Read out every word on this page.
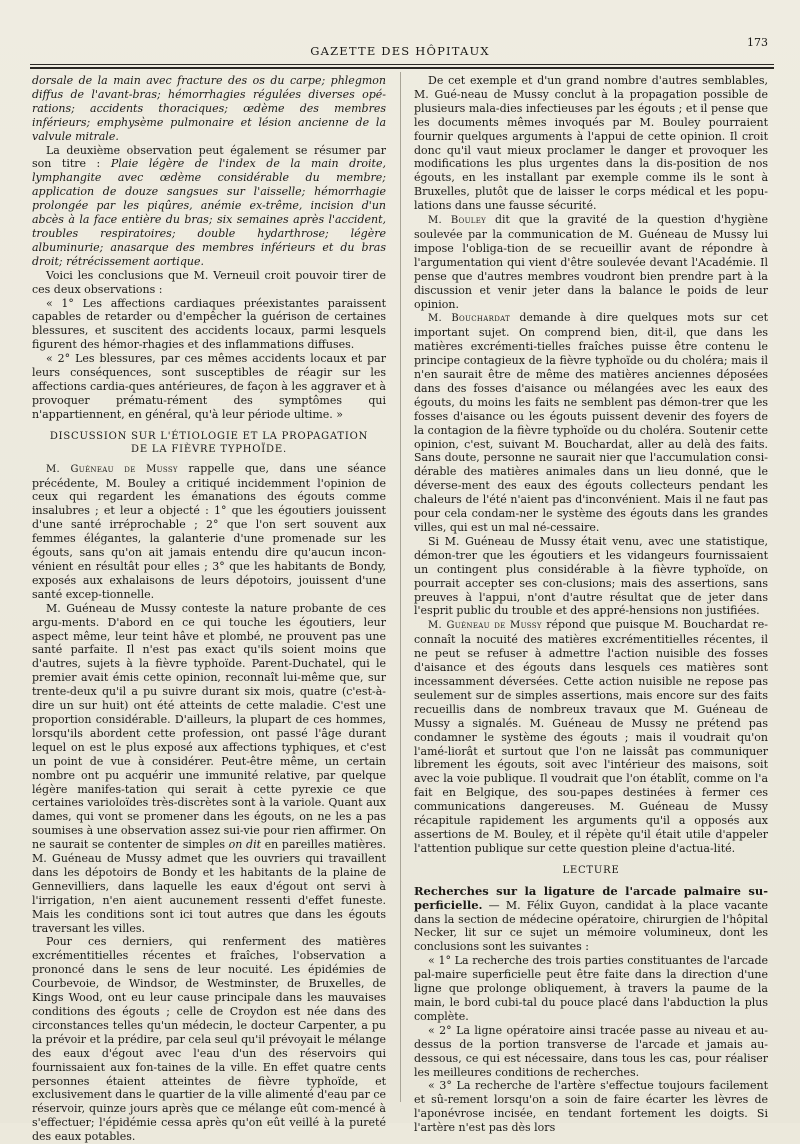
GAZETTE DES HÔPITAUX
173

dorsale de la main avec fracture des os du carpe; phlegmon diffus de l'avant-bras; hémorrhagies régulées diverses opé-rations; accidents thoraciques; œdème des membres inférieurs; emphysème pulmonaire et lésion ancienne de la valvule mitrale.

La deuxième observation peut également se résumer par son titre : Plaie légère de l'index de la main droite, lymphangite avec œdème considérable du membre; application de douze sangsues sur l'aisselle; hémorrhagie prolongée par les piqûres, anémie ex-trême, incision d'un abcès à la face entière du bras; six semaines après l'accident, troubles respiratoires; double hydarthrose; légère albuminurie; anasarque des membres inférieurs et du bras droit; rétrécissement aortique.

Voici les conclusions que M. Verneuil croit pouvoir tirer de ces deux observations :

« 1° Les affections cardiaques préexistantes paraissent capables de retarder ou d'empêcher la guérison de certaines blessures, et suscitent des accidents locaux, parmi lesquels figurent des hémor-rhagies et des inflammations diffuses.

« 2° Les blessures, par ces mêmes accidents locaux et par leurs conséquences, sont susceptibles de réagir sur les affections cardia-ques antérieures, de façon à les aggraver et à provoquer prématu-rément des symptômes qui n'appartiennent, en général, qu'à leur période ultime. »

DISCUSSION SUR L'ÉTIOLOGIE ET LA PROPAGATION
DE LA FIÈVRE TYPHOÏDE.

M. Guéneau de Mussy rappelle que, dans une séance précédente, M. Bouley a critiqué incidemment l'opinion de ceux qui regardent les émanations des égouts comme insalubres ; et leur a objecté : 1° que les égoutiers jouissent d'une santé irréprochable ; 2° que l'on sert souvent aux femmes élégantes, la galanterie d'une promenade sur les égouts, sans qu'on ait jamais entendu dire qu'aucun incon-vénient en résultât pour elles ; 3° que les habitants de Bondy, exposés aux exhalaisons de leurs dépotoirs, jouissent d'une santé excep-tionnelle.

M. Guéneau de Mussy conteste la nature probante de ces argu-ments. D'abord en ce qui touche les égoutiers, leur aspect même, leur teint hâve et plombé, ne prouvent pas une santé parfaite. Il n'est pas exact qu'ils soient moins que d'autres, sujets à la fièvre typhoïde. Parent-Duchatel, qui le premier avait émis cette opinion, reconnaît lui-même que, sur trente-deux qu'il a pu suivre durant six mois, quatre (c'est-à-dire un sur huit) ont été atteints de cette maladie. C'est une proportion considérable. D'ailleurs, la plupart de ces hommes, lorsqu'ils abordent cette profession, ont passé l'âge durant lequel on est le plus exposé aux affections typhiques, et c'est un point de vue à considérer. Peut-être même, un certain nombre ont pu acquérir une immunité relative, par quelque légère manifes-tation qui serait à cette pyrexie ce que certaines varioloïdes très-discrètes sont à la variole. Quant aux dames, qui vont se promener dans les égouts, on ne les a pas soumises à une observation assez sui-vie pour rien affirmer. On ne saurait se contenter de simples on dit en pareilles matières. M. Guéneau de Mussy admet que les ouvriers qui travaillent dans les dépotoirs de Bondy et les habitants de la plaine de Gennevilliers, dans laquelle les eaux d'égout ont servi à l'irrigation, n'en aient aucunement ressenti d'effet funeste. Mais les conditions sont ici tout autres que dans les égouts traversant les villes.

Pour ces derniers, qui renferment des matières excrémentitielles récentes et fraîches, l'observation a prononcé dans le sens de leur nocuité. Les épidémies de Courbevoie, de Windsor, de Westminster, de Bruxelles, de Kings Wood, ont eu leur cause principale dans les mauvaises conditions des égouts ; celle de Croydon est née dans des circonstances telles qu'un médecin, le docteur Carpenter, a pu la prévoir et la prédire, par cela seul qu'il prévoyait le mélange des eaux d'égout avec l'eau d'un des réservoirs qui fournissaient aux fon-taines de la ville. En effet quatre cents personnes étaient atteintes de fièvre typhoïde, et exclusivement dans le quartier de la ville alimenté d'eau par ce réservoir, quinze jours après que ce mélange eût com-mencé à s'effectuer; l'épidémie cessa après qu'on eût veillé à la pureté des eaux potables.

De cet exemple et d'un grand nombre d'autres semblables, M. Gué-neau de Mussy conclut à la propagation possible de plusieurs mala-dies infectieuses par les égouts ; et il pense que les documents mêmes invoqués par M. Bouley pourraient fournir quelques arguments à l'appui de cette opinion. Il croit donc qu'il vaut mieux proclamer le danger et provoquer les modifications les plus urgentes dans la dis-position de nos égouts, en les installant par exemple comme ils le sont à Bruxelles, plutôt que de laisser le corps médical et les popu-lations dans une fausse sécurité.

M. Bouley dit que la gravité de la question d'hygiène soulevée par la communication de M. Guéneau de Mussy lui impose l'obliga-tion de se recueillir avant de répondre à l'argumentation qui vient d'être soulevée devant l'Académie. Il pense que d'autres membres voudront bien prendre part à la discussion et venir jeter dans la balance le poids de leur opinion.

M. Bouchardat demande à dire quelques mots sur cet important sujet. On comprend bien, dit-il, que dans les matières excrémenti-tielles fraîches puisse être contenu le principe contagieux de la fièvre typhoïde ou du choléra; mais il n'en saurait être de même des matières anciennes déposées dans des fosses d'aisance ou mélangées avec les eaux des égouts, du moins les faits ne semblent pas démon-trer que les fosses d'aisance ou les égouts puissent devenir des foyers de la contagion de la fièvre typhoïde ou du choléra. Soutenir cette opinion, c'est, suivant M. Bouchardat, aller au delà des faits. Sans doute, personne ne saurait nier que l'accumulation consi-dérable des matières animales dans un lieu donné, que le déverse-ment des eaux des égouts collecteurs pendant les chaleurs de l'été n'aient pas d'inconvénient. Mais il ne faut pas pour cela condam-ner le système des égouts dans les grandes villes, qui est un mal né-cessaire.

Si M. Guéneau de Mussy était venu, avec une statistique, démon-trer que les égoutiers et les vidangeurs fournissaient un contingent plus considérable à la fièvre typhoïde, on pourrait accepter ses con-clusions; mais des assertions, sans preuves à l'appui, n'ont d'autre résultat que de jeter dans l'esprit public du trouble et des appré-hensions non justifiées.

M. Guéneau de Mussy répond que puisque M. Bouchardat re-connaît la nocuité des matières excrémentitielles récentes, il ne peut se refuser à admettre l'action nuisible des fosses d'aisance et des égouts dans lesquels ces matières sont incessamment déversées. Cette action nuisible ne repose pas seulement sur de simples assertions, mais encore sur des faits recueillis dans de nombreux travaux que M. Guéneau de Mussy a signalés. M. Guéneau de Mussy ne prétend pas condamner le système des égouts ; mais il voudrait qu'on l'amé-liorât et surtout que l'on ne laissât pas communiquer librement les égouts, soit avec l'intérieur des maisons, soit avec la voie publique. Il voudrait que l'on établît, comme on l'a fait en Belgique, des sou-papes destinées à fermer ces communications dangereuses. M. Guéneau de Mussy récapitule rapidement les arguments qu'il a opposés aux assertions de M. Bouley, et il répète qu'il était utile d'appeler l'attention publique sur cette question pleine d'actua-lité.

LECTURE

Recherches sur la ligature de l'arcade palmaire su-perficielle. — M. Félix Guyon, candidat à la place vacante dans la section de médecine opératoire, chirurgien de l'hôpital Necker, lit sur ce sujet un mémoire volumineux, dont les conclusions sont les suivantes :

« 1° La recherche des trois parties constituantes de l'arcade pal-maire superficielle peut être faite dans la direction d'une ligne que prolonge obliquement, à travers la paume de la main, le bord cubi-tal du pouce placé dans l'abduction la plus complète.

« 2° La ligne opératoire ainsi tracée passe au niveau et au-dessus de la portion transverse de l'arcade et jamais au-dessous, ce qui est nécessaire, dans tous les cas, pour réaliser les meilleures conditions de recherches.

« 3° La recherche de l'artère s'effectue toujours facilement et sû-rement lorsqu'on a soin de faire écarter les lèvres de l'aponévrose incisée, en tendant fortement les doigts. Si l'artère n'est pas dès lors
